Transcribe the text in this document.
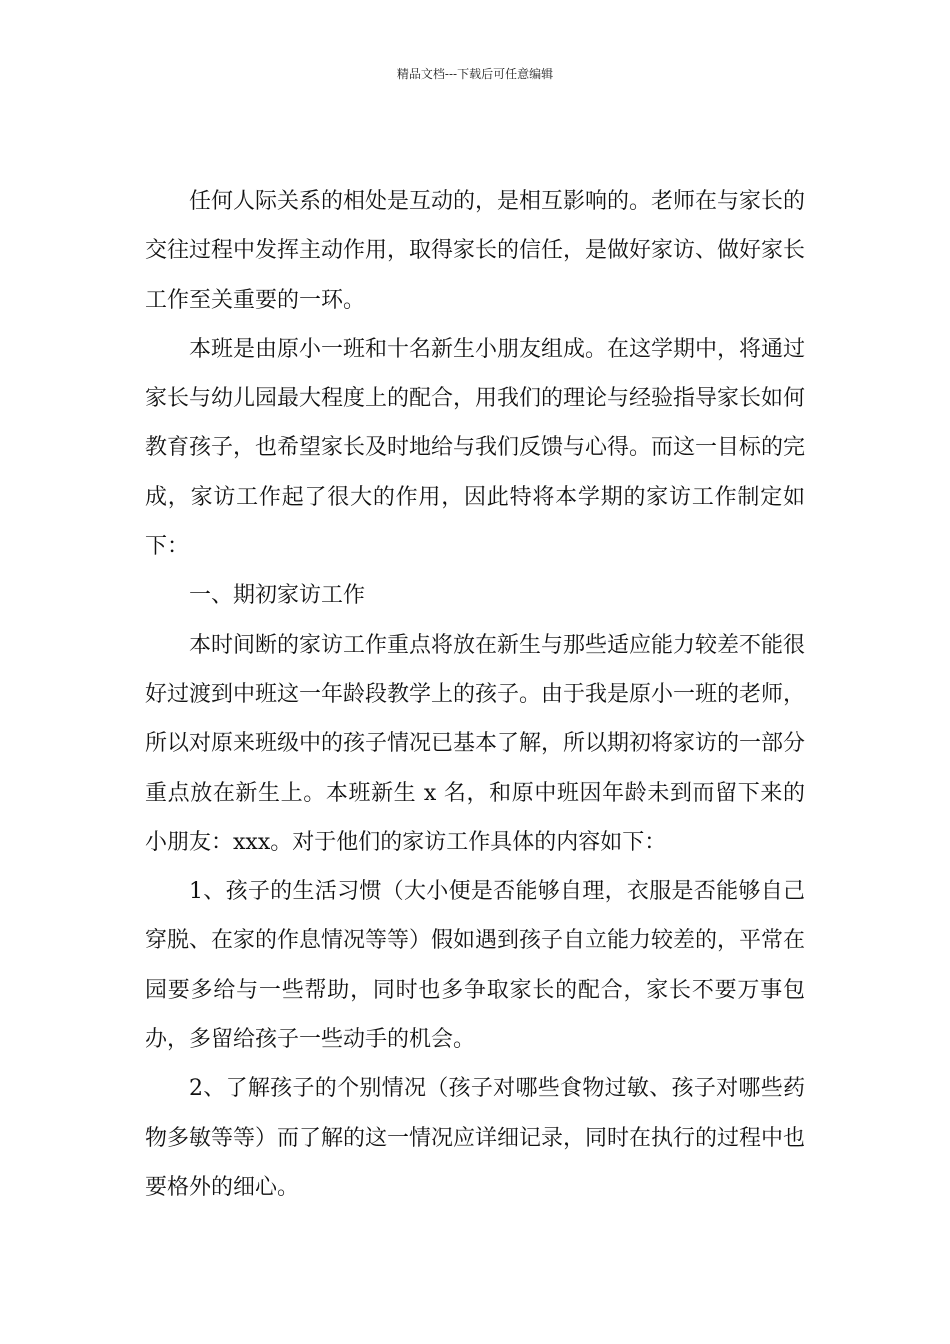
精品文档---下载后可任意编辑

任何人际关系的相处是互动的，是相互影响的。老师在与家长的交往过程中发挥主动作用，取得家长的信任，是做好家访、做好家长工作至关重要的一环。

本班是由原小一班和十名新生小朋友组成。在这学期中，将通过家长与幼儿园最大程度上的配合，用我们的理论与经验指导家长如何教育孩子，也希望家长及时地给与我们反馈与心得。而这一目标的完成，家访工作起了很大的作用，因此特将本学期的家访工作制定如下：

一、期初家访工作

本时间断的家访工作重点将放在新生与那些适应能力较差不能很好过渡到中班这一年龄段教学上的孩子。由于我是原小一班的老师，所以对原来班级中的孩子情况已基本了解，所以期初将家访的一部分重点放在新生上。本班新生 x 名，和原中班因年龄未到而留下来的小朋友：xxx。对于他们的家访工作具体的内容如下：

1、孩子的生活习惯（大小便是否能够自理，衣服是否能够自己穿脱、在家的作息情况等等）假如遇到孩子自立能力较差的，平常在园要多给与一些帮助，同时也多争取家长的配合，家长不要万事包办，多留给孩子一些动手的机会。

2、了解孩子的个别情况（孩子对哪些食物过敏、孩子对哪些药物多敏等等）而了解的这一情况应详细记录，同时在执行的过程中也要格外的细心。
